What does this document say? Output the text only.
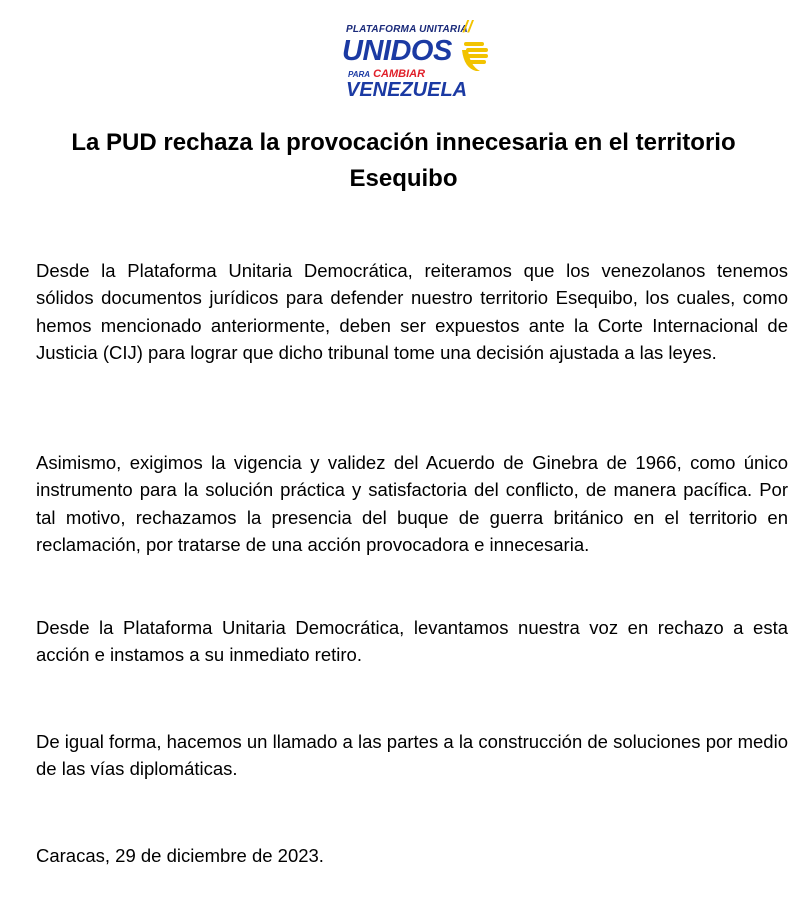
PLATAFORMA UNITARIA
//
UNIDOS
PARA CAMBIAR
VENEZUELA
La PUD rechaza la provocación innecesaria en el territorio Esequibo

Desde la Plataforma Unitaria Democrática, reiteramos que los venezolanos tenemos sólidos documentos jurídicos para defender nuestro territorio Esequibo, los cuales, como hemos mencionado anteriormente, deben ser expuestos ante la Corte Internacional de Justicia (CIJ) para lograr que dicho tribunal tome una decisión ajustada a las leyes.

Asimismo, exigimos la vigencia y validez del Acuerdo de Ginebra de 1966, como único instrumento para la solución práctica y satisfactoria del conflicto, de manera pacífica. Por tal motivo, rechazamos la presencia del buque de guerra británico en el territorio en reclamación, por tratarse de una acción provocadora e innecesaria.

Desde la Plataforma Unitaria Democrática, levantamos nuestra voz en rechazo a esta acción e instamos a su inmediato retiro.

De igual forma, hacemos un llamado a las partes a la construcción de soluciones por medio de las vías diplomáticas.

Caracas, 29 de diciembre de 2023.
